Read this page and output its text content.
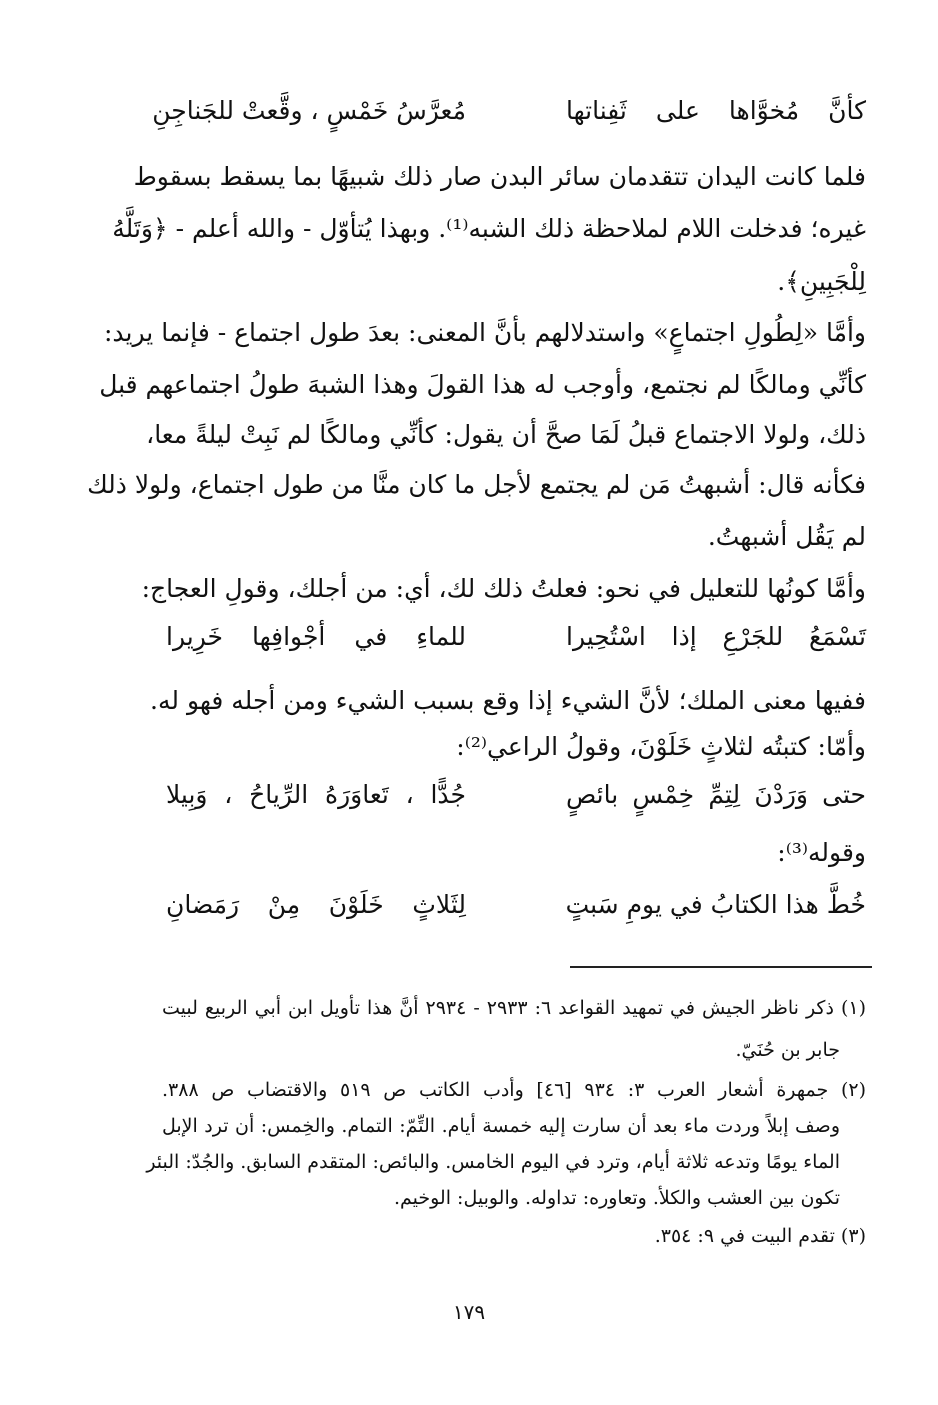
كأنَّ مُخوَّاها على ثَفِناتها
مُعرَّسُ خَمْسٍ ، وقَّعتْ للجَناجِنِ
فلما كانت اليدان تتقدمان سائر البدن صار ذلك شبيهًا بما يسقط بسقوط
غيره؛ فدخلت اللام لملاحظة ذلك الشبه⁽¹⁾. وبهذا يُتأوّل - والله أعلم - ﴿وَتَلَّهُ
لِلْجَبِينِ﴾.
وأمَّا «لِطُولِ اجتماعٍ» واستدلالهم بأنَّ المعنى: بعدَ طول اجتماع - فإنما يريد:
كأنِّي ومالكًا لم نجتمع، وأوجب له هذا القولَ وهذا الشبهَ طولُ اجتماعهم قبل
ذلك، ولولا الاجتماع قبلُ لَمَا صحَّ أن يقول: كأنِّي ومالكًا لم نَبِتْ ليلةً معا،
فكأنه قال: أشبهتُ مَن لم يجتمع لأجل ما كان منَّا من طول اجتماع، ولولا ذلك
لم يَقُل أشبهتُ.
وأمَّا كونُها للتعليل في نحو: فعلتُ ذلك لك، أي: من أجلك، وقولِ العجاج:
تَسْمَعُ للجَرْعِ إذا اسْتُحِيرا
للماءِ في أجْوافِها خَرِيرا
ففيها معنى الملك؛ لأنَّ الشيء إذا وقع بسبب الشيء ومن أجله فهو له.
وأمّا: كتبتُه لثلاثٍ خَلَوْنَ، وقولُ الراعي⁽²⁾:
حتى وَرَدْنَ لِتِمِّ خِمْسٍ بائصٍ
جُدًّا ، تَعاوَرَهُ الرِّياحُ ، وَبِيلا
وقوله⁽³⁾:
خُطَّ هذا الكتابُ في يومِ سَبتٍ
لِثَلاثٍ خَلَوْنَ مِنْ رَمَضانِ
(١) ذكر ناظر الجيش في تمهيد القواعد ٦: ٢٩٣٣ - ٢٩٣٤ أنَّ هذا تأويل ابن أبي الربيع لبيت
جابر بن حُنَيّ.
(٢) جمهرة أشعار العرب ٣: ٩٣٤ [٤٦] وأدب الكاتب ص ٥١٩ والاقتضاب ص ٣٨٨.
وصف إبلاً وردت ماء بعد أن سارت إليه خمسة أيام. التِّمّ: التمام. والخِمس: أن ترد الإبل
الماء يومًا وتدعه ثلاثة أيام، وترد في اليوم الخامس. والبائص: المتقدم السابق. والجُدّ: البئر
تكون بين العشب والكلأ. وتعاوره: تداوله. والوبيل: الوخيم.
(٣) تقدم البيت في ٩: ٣٥٤.
١٧٩
